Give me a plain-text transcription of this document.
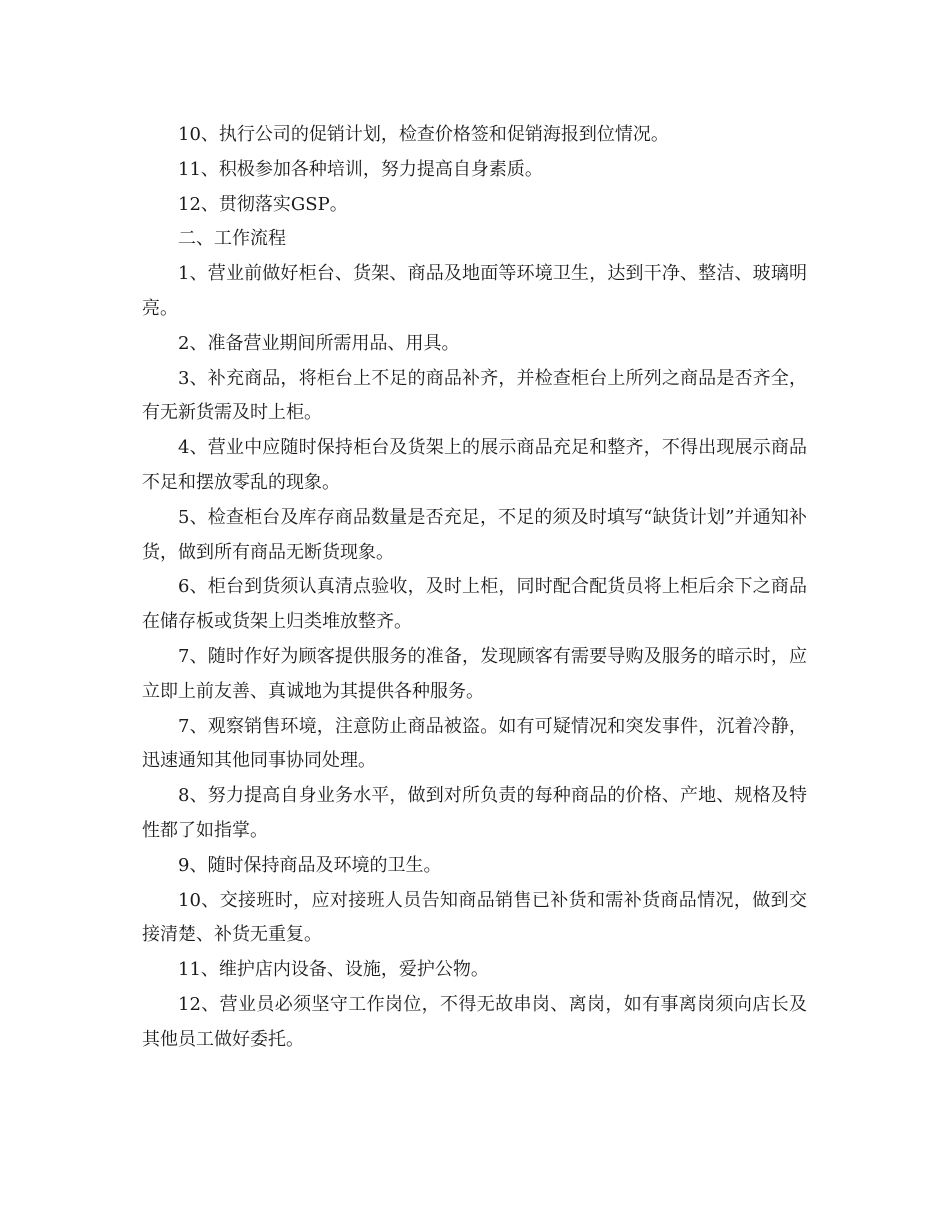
10、执行公司的促销计划，检查价格签和促销海报到位情况。

11、积极参加各种培训，努力提高自身素质。

12、贯彻落实GSP。

二、工作流程

1、营业前做好柜台、货架、商品及地面等环境卫生，达到干净、整洁、玻璃明亮。

2、准备营业期间所需用品、用具。

3、补充商品，将柜台上不足的商品补齐，并检查柜台上所列之商品是否齐全，有无新货需及时上柜。

4、营业中应随时保持柜台及货架上的展示商品充足和整齐，不得出现展示商品不足和摆放零乱的现象。

5、检查柜台及库存商品数量是否充足，不足的须及时填写“缺货计划”并通知补货，做到所有商品无断货现象。

6、柜台到货须认真清点验收，及时上柜，同时配合配货员将上柜后余下之商品在储存板或货架上归类堆放整齐。

7、随时作好为顾客提供服务的准备，发现顾客有需要导购及服务的暗示时，应立即上前友善、真诚地为其提供各种服务。

7、观察销售环境，注意防止商品被盗。如有可疑情况和突发事件，沉着冷静，迅速通知其他同事协同处理。

8、努力提高自身业务水平，做到对所负责的每种商品的价格、产地、规格及特性都了如指掌。

9、随时保持商品及环境的卫生。

10、交接班时，应对接班人员告知商品销售已补货和需补货商品情况，做到交接清楚、补货无重复。

11、维护店内设备、设施，爱护公物。

12、营业员必须坚守工作岗位，不得无故串岗、离岗，如有事离岗须向店长及其他员工做好委托。
